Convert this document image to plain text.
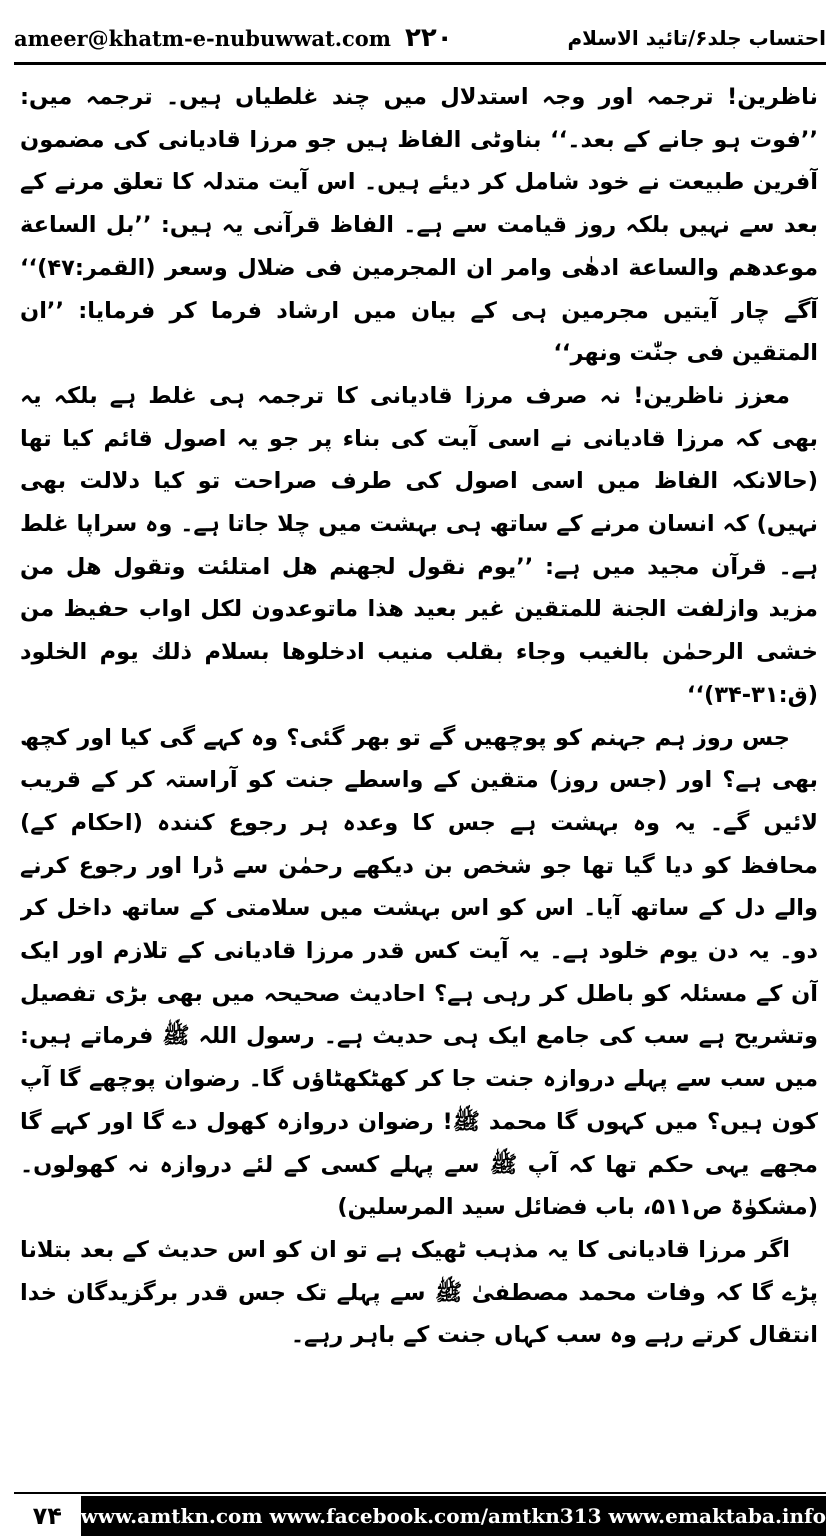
ameer@khatm-e-nubuwwat.com ۲۲۰	احتساب جلد۶/تائید الاسلام

ناظرین! ترجمہ اور وجہ استدلال میں چند غلطیاں ہیں۔ ترجمہ میں: ’’فوت ہو جانے کے بعد۔‘‘ بناوٹی الفاظ ہیں جو مرزا قادیانی کی مضمون آفرین طبیعت نے خود شامل کر دیئے ہیں۔ اس آیت متدلہ کا تعلق مرنے کے بعد سے نہیں بلکہ روز قیامت سے ہے۔ الفاظ قرآنی یہ ہیں: ’’بل الساعة موعدهم والساعة ادهٰى وامر ان المجرمين فى ضلال وسعر (القمر:۴۷)‘‘ آگے چار آیتیں مجرمین ہی کے بیان میں ارشاد فرما کر فرمایا: ’’ان المتقين فى جنّٰت ونهر‘‘

معزز ناظرین! نہ صرف مرزا قادیانی کا ترجمہ ہی غلط ہے بلکہ یہ بھی کہ مرزا قادیانی نے اسی آیت کی بناء پر جو یہ اصول قائم کیا تھا (حالانکہ الفاظ میں اسی اصول کی طرف صراحت تو کیا دلالت بھی نہیں) کہ انسان مرنے کے ساتھ ہی بہشت میں چلا جاتا ہے۔ وہ سراپا غلط ہے۔ قرآن مجید میں ہے: ’’يوم نقول لجهنم هل امتلئت وتقول هل من مزيد وازلفت الجنة للمتقين غير بعيد هذا ماتوعدون لكل اواب حفيظ من خشى الرحمٰن بالغيب وجاء بقلب منيب ادخلوها بسلام ذلك يوم الخلود (ق:۳۱-۳۴)‘‘

جس روز ہم جہنم کو پوچھیں گے تو بھر گئی؟ وہ کہے گی کیا اور کچھ بھی ہے؟ اور (جس روز) متقین کے واسطے جنت کو آراستہ کر کے قریب لائیں گے۔ یہ وہ بہشت ہے جس کا وعدہ ہر رجوع کنندہ (احکام کے) محافظ کو دیا گیا تھا جو شخص بن دیکھے رحمٰن سے ڈرا اور رجوع کرنے والے دل کے ساتھ آیا۔ اس کو اس بہشت میں سلامتی کے ساتھ داخل کر دو۔ یہ دن یوم خلود ہے۔ یہ آیت کس قدر مرزا قادیانی کے تلازم اور ایک آن کے مسئلہ کو باطل کر رہی ہے؟ احادیث صحیحہ میں بھی بڑی تفصیل وتشریح ہے سب کی جامع ایک ہی حدیث ہے۔ رسول اللہ ﷺ فرماتے ہیں: میں سب سے پہلے دروازہ جنت جا کر کھٹکھٹاؤں گا۔ رضوان پوچھے گا آپ کون ہیں؟ میں کہوں گا محمد ﷺ! رضوان دروازہ کھول دے گا اور کہے گا مجھے یہی حکم تھا کہ آپ ﷺ سے پہلے کسی کے لئے دروازہ نہ کھولوں۔ (مشکوٰۃ ص۵۱۱، باب فضائل سید المرسلین)

اگر مرزا قادیانی کا یہ مذہب ٹھیک ہے تو ان کو اس حدیث کے بعد بتلانا پڑے گا کہ وفات محمد مصطفیٰ ﷺ سے پہلے تک جس قدر برگزیدگان خدا انتقال کرتے رہے وہ سب کہاں جنت کے باہر رہے۔

۷۴ www.amtkn.com www.facebook.com/amtkn313 www.emaktaba.info
